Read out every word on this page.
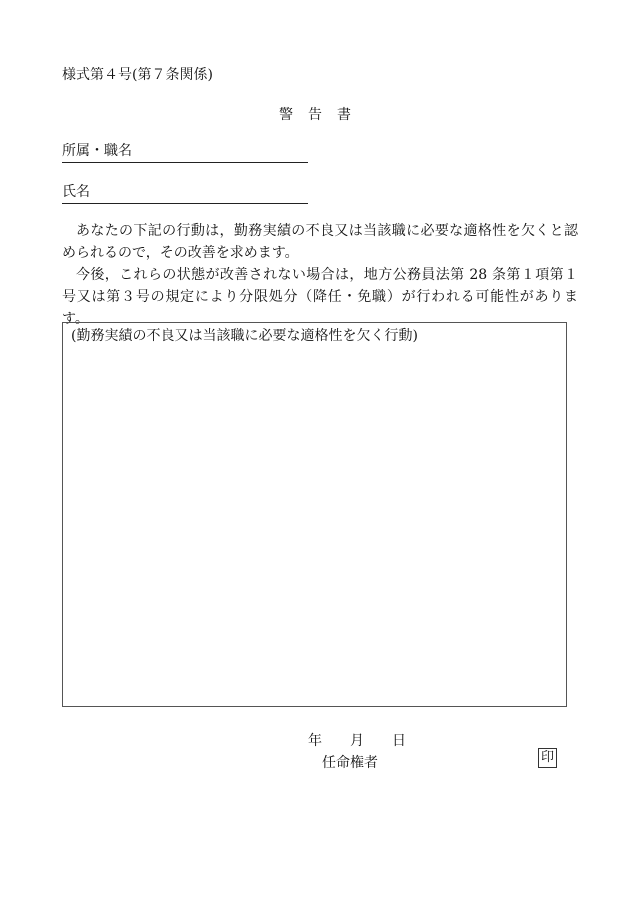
様式第４号(第７条関係)
警告書
所属・職名
氏名

あなたの下記の行動は，勤務実績の不良又は当該職に必要な適格性を欠くと認められるので，その改善を求めます。

今後，これらの状態が改善されない場合は，地方公務員法第 28 条第１項第１号又は第３号の規定により分限処分（降任・免職）が行われる可能性があります。

(勤務実績の不良又は当該職に必要な適格性を欠く行動)
年 月 日
任命権者	印
